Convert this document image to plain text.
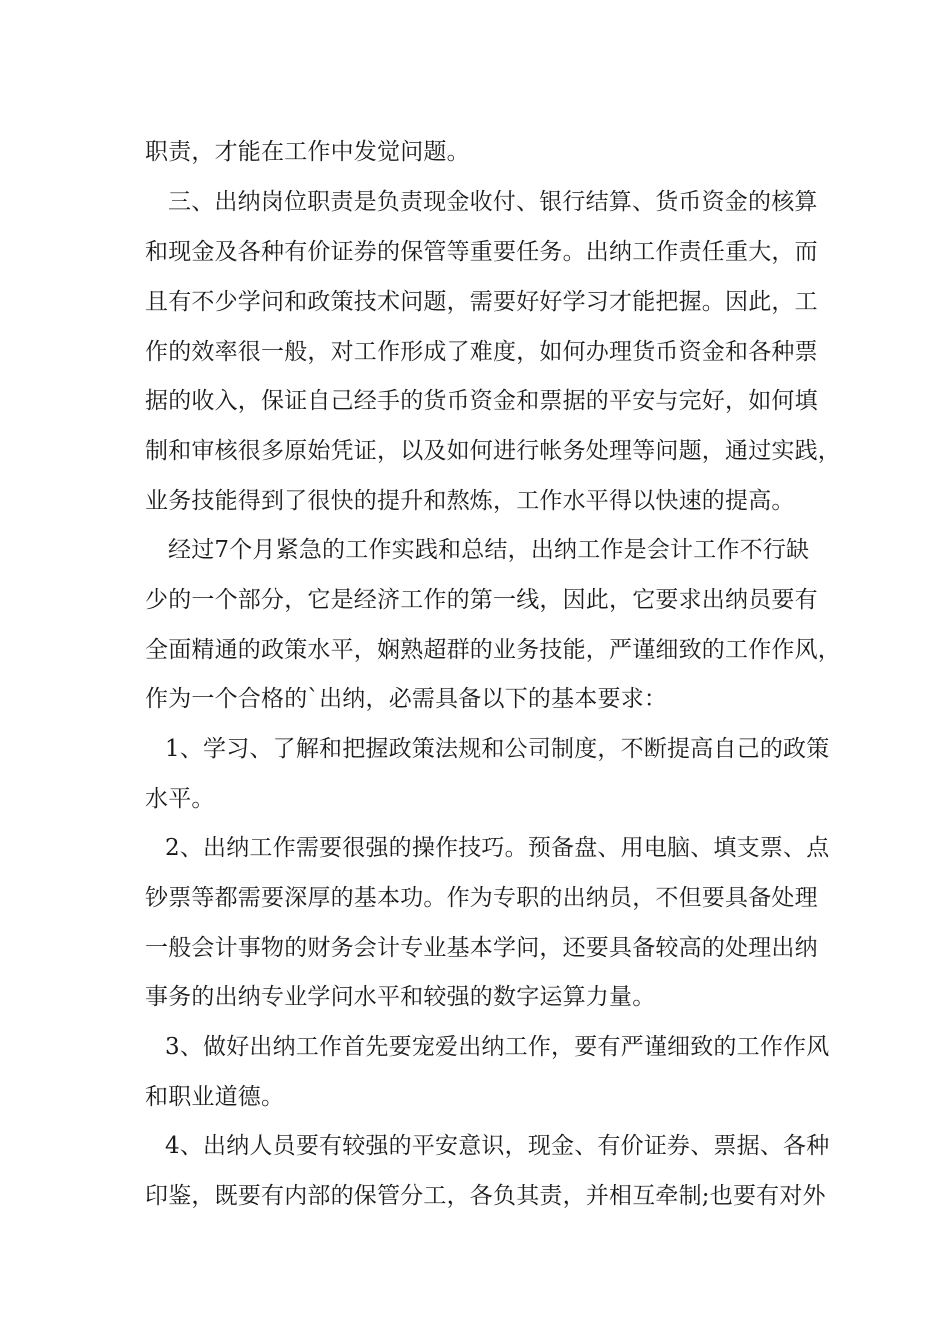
职责，才能在工作中发觉问题。
三、出纳岗位职责是负责现金收付、银行结算、货币资金的核算
和现金及各种有价证券的保管等重要任务。出纳工作责任重大，而
且有不少学问和政策技术问题，需要好好学习才能把握。因此，工
作的效率很一般，对工作形成了难度，如何办理货币资金和各种票
据的收入，保证自己经手的货币资金和票据的平安与完好，如何填
制和审核很多原始凭证，以及如何进行帐务处理等问题，通过实践，
业务技能得到了很快的提升和熬炼，工作水平得以快速的提高。
经过7个月紧急的工作实践和总结，出纳工作是会计工作不行缺
少的一个部分，它是经济工作的第一线，因此，它要求出纳员要有
全面精通的政策水平，娴熟超群的业务技能，严谨细致的工作作风，
作为一个合格的`出纳，必需具备以下的基本要求：
1、学习、了解和把握政策法规和公司制度，不断提高自己的政策
水平。
2、出纳工作需要很强的操作技巧。预备盘、用电脑、填支票、点
钞票等都需要深厚的基本功。作为专职的出纳员，不但要具备处理
一般会计事物的财务会计专业基本学问，还要具备较高的处理出纳
事务的出纳专业学问水平和较强的数字运算力量。
3、做好出纳工作首先要宠爱出纳工作，要有严谨细致的工作作风
和职业道德。
4、出纳人员要有较强的平安意识，现金、有价证券、票据、各种
印鉴，既要有内部的保管分工，各负其责，并相互牵制;也要有对外
